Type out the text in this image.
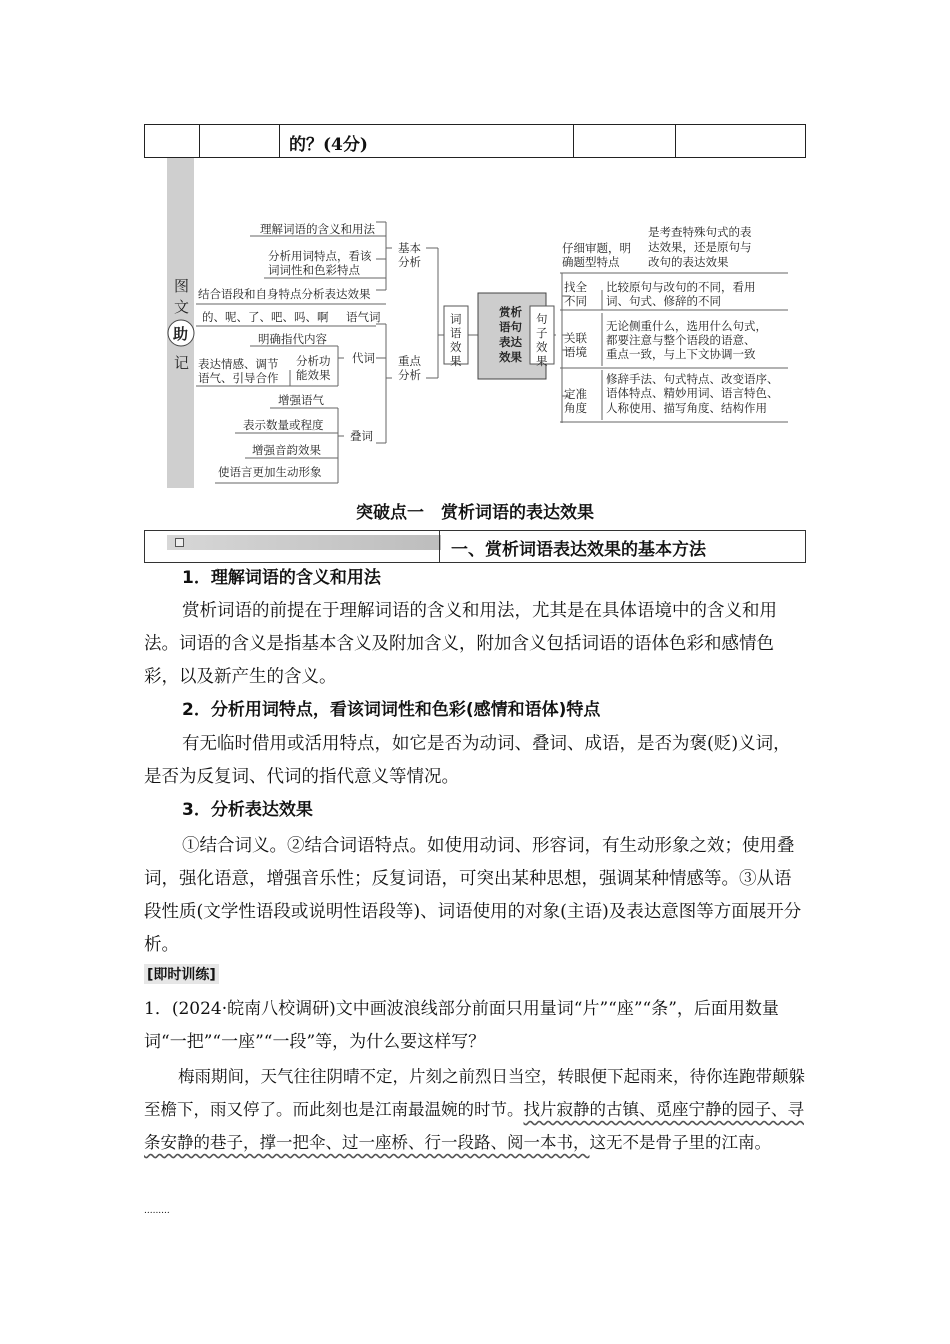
的？(4分)
图
文
助
记
词
语
效
果
赏析
语句
表达
效果
句
子
效
果
基本
分析
重点
分析
理解词语的含义和用法
分析用词特点，看该
词词性和色彩特点
结合语段和自身特点分析表达效果
的、呢、了、吧、吗、啊 语气词
明确指代内容
表达情感、调节
语气、引导合作
分析功
能效果
代词
增强语气
表示数量或程度
增强音韵效果
使语言更加生动形象
叠词
仔细审题，明
确题型特点
是考查特殊句式的表
达效果，还是原句与
改句的表达效果
找全
不同
比较原句与改句的不同，看用
词、句式、修辞的不同
关联
语境
无论侧重什么，选用什么句式，
都要注意与整个语段的语意、
重点一致，与上下文协调一致
定准
角度
修辞手法、句式特点、改变语序、
语体特点、精妙用词、语言特色、
人称使用、描写角度、结构作用
突破点一　赏析词语的表达效果
一、赏析词语表达效果的基本方法
1．理解词语的含义和用法
赏析词语的前提在于理解词语的含义和用法，尤其是在具体语境中的含义和用法。词语的含义是指基本含义及附加含义，附加含义包括词语的语体色彩和感情色彩，以及新产生的含义。
2．分析用词特点，看该词词性和色彩(感情和语体)特点
有无临时借用或活用特点，如它是否为动词、叠词、成语，是否为褒(贬)义词，是否为反复词、代词的指代意义等情况。
3．分析表达效果
①结合词义。②结合词语特点。如使用动词、形容词，有生动形象之效；使用叠词，强化语意，增强音乐性；反复词语，可突出某种思想，强调某种情感等。③从语段性质(文学性语段或说明性语段等)、词语使用的对象(主语)及表达意图等方面展开分析。
[即时训练]
1．(2024·皖南八校调研)文中画波浪线部分前面只用量词“片”“座”“条”，后面用数量词“一把”“一座”“一段”等，为什么要这样写？
梅雨期间，天气往往阴晴不定，片刻之前烈日当空，转眼便下起雨来，待你连跑带颠躲至檐下，雨又停了。而此刻也是江南最温婉的时节。找片寂静的古镇、觅座宁静的园子、寻条安静的巷子，撑一把伞、过一座桥、行一段路、阅一本书，这无不是骨子里的江南。
.........
